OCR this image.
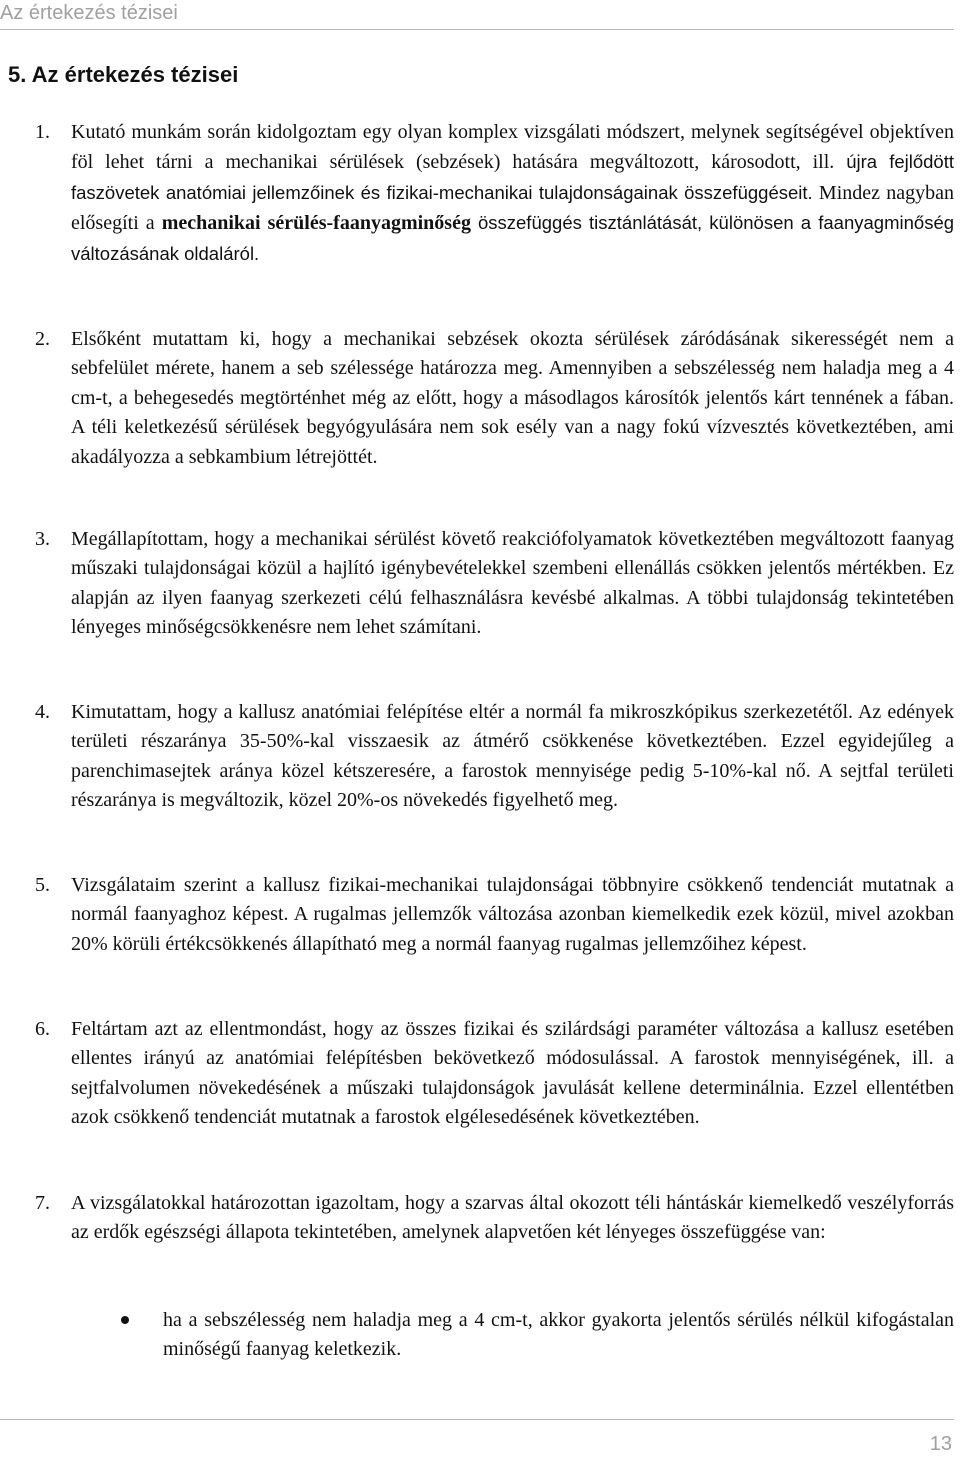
Az értekezés tézisei
5. Az értekezés tézisei
1. Kutató munkám során kidolgoztam egy olyan komplex vizsgálati módszert, melynek segítségével objektíven föl lehet tárni a mechanikai sérülések (sebzések) hatására megváltozott, károsodott, ill. újra fejlődött faszövetek anatómiai jellemzőinek és fizikai-mechanikai tulajdonságainak összefüggéseit. Mindez nagyban elősegíti a mechanikai sérülés-faanyagminőség összefüggés tisztánlátását, különösen a faanyagminőség változásának oldaláról.
2. Elsőként mutattam ki, hogy a mechanikai sebzések okozta sérülések záródásának sikerességét nem a sebfelület mérete, hanem a seb szélessége határozza meg. Amennyiben a sebszélesség nem haladja meg a 4 cm-t, a behegesedés megtörténhet még az előtt, hogy a másodlagos károsítók jelentős kárt tennének a fában. A téli keletkezésű sérülések begyógyulására nem sok esély van a nagy fokú vízvesztés következtében, ami akadályozza a sebkambium létrejöttét.
3. Megállapítottam, hogy a mechanikai sérülést követő reakciófolyamatok következtében megváltozott faanyag műszaki tulajdonságai közül a hajlító igénybevételekkel szembeni ellenállás csökken jelentős mértékben. Ez alapján az ilyen faanyag szerkezeti célú felhasználásra kevésbé alkalmas. A többi tulajdonság tekintetében lényeges minőségcsökkenésre nem lehet számítani.
4. Kimutattam, hogy a kallusz anatómiai felépítése eltér a normál fa mikroszkópikus szerkezetétől. Az edények területi részaránya 35-50%-kal visszaesik az átmérő csökkenése következtében. Ezzel egyidejűleg a parenchimasejtek aránya közel kétszeresére, a farostok mennyisége pedig 5-10%-kal nő. A sejtfal területi részaránya is megváltozik, közel 20%-os növekedés figyelhető meg.
5. Vizsgálataim szerint a kallusz fizikai-mechanikai tulajdonságai többnyire csökkenő tendenciát mutatnak a normál faanyaghoz képest. A rugalmas jellemzők változása azonban kiemelkedik ezek közül, mivel azokban 20% körüli értékcsökkenés állapítható meg a normál faanyag rugalmas jellemzőihez képest.
6. Feltártam azt az ellentmondást, hogy az összes fizikai és szilárdsági paraméter változása a kallusz esetében ellentes irányú az anatómiai felépítésben bekövetkező módosulással. A farostok mennyiségének, ill. a sejtfalvolumen növekedésének a műszaki tulajdonságok javulását kellene determinálnia. Ezzel ellentétben azok csökkenő tendenciát mutatnak a farostok elgélesedésének következtében.
7. A vizsgálatokkal határozottan igazoltam, hogy a szarvas által okozott téli hántáskár kiemelkedő veszélyforrás az erdők egészségi állapota tekintetében, amelynek alapvetően két lényeges összefüggése van:
ha a sebszélesség nem haladja meg a 4 cm-t, akkor gyakorta jelentős sérülés nélkül kifogástalan minőségű faanyag keletkezik.
13
